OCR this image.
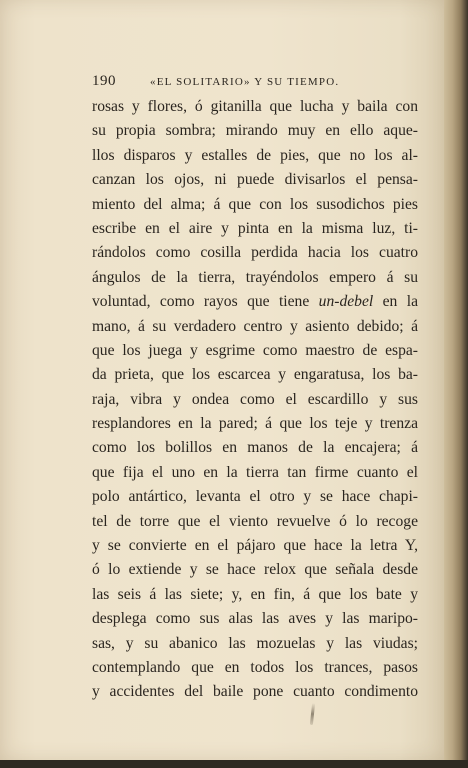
190	«EL SOLITARIO» Y SU TIEMPO.
rosas y flores, ó gitanilla que lucha y baila con
su propia sombra; mirando muy en ello aque-
llos disparos y estalles de pies, que no los al-
canzan los ojos, ni puede divisarlos el pensa-
miento del alma; á que con los susodichos pies
escribe en el aire y pinta en la misma luz, ti-
rándolos como cosilla perdida hacia los cuatro
ángulos de la tierra, trayéndolos empero á su
voluntad, como rayos que tiene un-debel en la
mano, á su verdadero centro y asiento debido; á
que los juega y esgrime como maestro de espa-
da prieta, que los escarcea y engaratusa, los ba-
raja, vibra y ondea como el escardillo y sus
resplandores en la pared; á que los teje y trenza
como los bolillos en manos de la encajera; á
que fija el uno en la tierra tan firme cuanto el
polo antártico, levanta el otro y se hace chapi-
tel de torre que el viento revuelve ó lo recoge
y se convierte en el pájaro que hace la letra Y,
ó lo extiende y se hace relox que señala desde
las seis á las siete; y, en fin, á que los bate y
desplega como sus alas las aves y las maripo-
sas, y su abanico las mozuelas y las viudas;
contemplando que en todos los trances, pasos
y accidentes del baile pone cuanto condimento
